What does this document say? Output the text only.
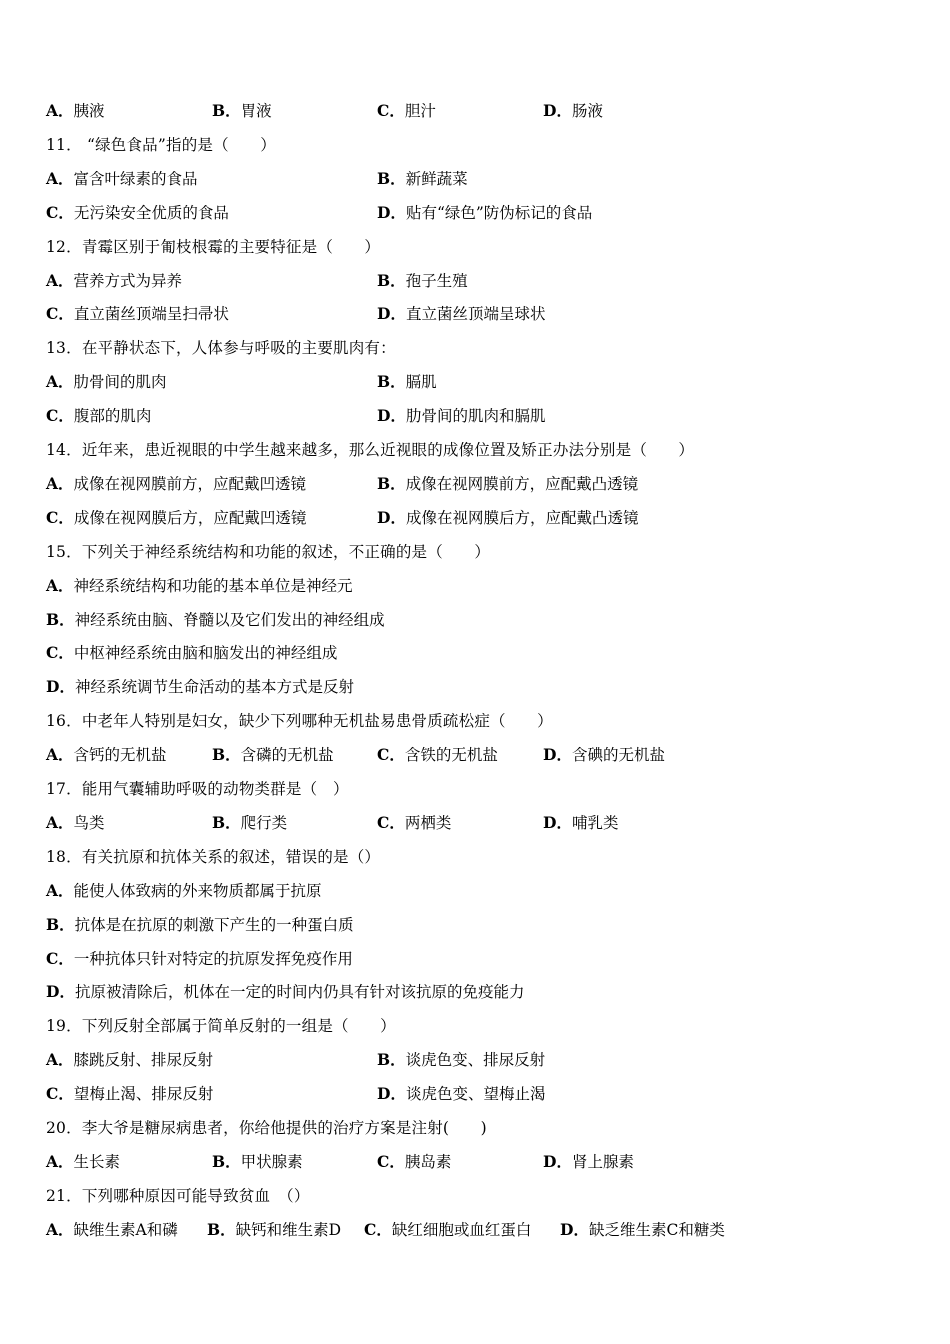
A．胰液	B．胃液	C．胆汁	D．肠液
11． “绿色食品”指的是（　　）
A．富含叶绿素的食品	B．新鲜蔬菜
C．无污染安全优质的食品	D．贴有“绿色”防伪标记的食品
12．青霉区别于匍枝根霉的主要特征是（　　）
A．营养方式为异养	B．孢子生殖
C．直立菌丝顶端呈扫帚状	D．直立菌丝顶端呈球状
13．在平静状态下，人体参与呼吸的主要肌肉有：
A．肋骨间的肌肉	B．膈肌
C．腹部的肌肉	D．肋骨间的肌肉和膈肌
14．近年来，患近视眼的中学生越来越多，那么近视眼的成像位置及矫正办法分别是（　　）
A．成像在视网膜前方，应配戴凹透镜	B．成像在视网膜前方，应配戴凸透镜
C．成像在视网膜后方，应配戴凹透镜	D．成像在视网膜后方，应配戴凸透镜
15．下列关于神经系统结构和功能的叙述，不正确的是（　　）
A．神经系统结构和功能的基本单位是神经元
B．神经系统由脑、脊髓以及它们发出的神经组成
C．中枢神经系统由脑和脑发出的神经组成
D．神经系统调节生命活动的基本方式是反射
16．中老年人特别是妇女，缺少下列哪种无机盐易患骨质疏松症（　　）
A．含钙的无机盐	B．含磷的无机盐	C．含铁的无机盐	D．含碘的无机盐
17．能用气囊辅助呼吸的动物类群是（　）
A．鸟类	B．爬行类	C．两栖类	D．哺乳类
18．有关抗原和抗体关系的叙述，错误的是（）
A．能使人体致病的外来物质都属于抗原
B．抗体是在抗原的刺激下产生的一种蛋白质
C．一种抗体只针对特定的抗原发挥免疫作用
D．抗原被清除后，机体在一定的时间内仍具有针对该抗原的免疫能力
19．下列反射全部属于简单反射的一组是（　　）
A．膝跳反射、排尿反射	B．谈虎色变、排尿反射
C．望梅止渴、排尿反射	D．谈虎色变、望梅止渴
20．李大爷是糖尿病患者，你给他提供的治疗方案是注射(　　)
A．生长素	B．甲状腺素	C．胰岛素	D．肾上腺素
21．下列哪种原因可能导致贫血　（）
A．缺维生素A和磷 B．缺钙和维生素D C．缺红细胞或血红蛋白 D．缺乏维生素C和糖类
